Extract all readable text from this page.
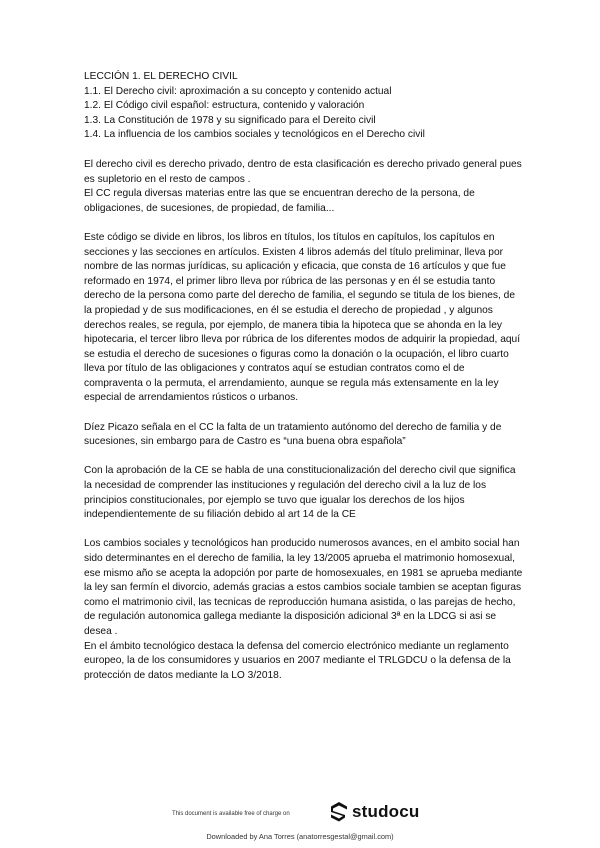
LECCIÓN 1. EL DERECHO CIVIL
1.1. El Derecho civil: aproximación a su concepto y contenido actual
1.2. El Código civil español: estructura, contenido y valoración
1.3. La Constitución de 1978 y su significado para el Dereito civil
1.4. La influencia de los cambios sociales y tecnológicos en el Derecho civil

El derecho civil es derecho privado, dentro de esta clasificación es derecho privado general pues es supletorio en el resto de campos .

El CC regula diversas materias entre las que se encuentran derecho de la persona, de obligaciones, de sucesiones, de propiedad, de familia...

Este código se divide en libros, los libros en títulos, los títulos en capítulos, los capítulos en secciones y las secciones en artículos. Existen 4 libros además del título preliminar, lleva por nombre de las normas jurídicas, su aplicación y eficacia, que consta de 16 artículos y que fue reformado en 1974, el primer libro lleva por rúbrica de las personas y en él se estudia tanto derecho de la persona como parte del derecho de familia, el segundo se titula de los bienes, de la propiedad y de sus modificaciones, en él se estudia el derecho de propiedad , y algunos derechos reales, se regula, por ejemplo, de manera tibia la hipoteca que se ahonda en la ley hipotecaria, el tercer libro lleva por rúbrica de los diferentes modos de adquirir la propiedad, aquí se estudia el derecho de sucesiones o figuras como la donación o la ocupación, el libro cuarto lleva por título de las obligaciones y contratos aquí se estudian contratos como el de compraventa o la permuta, el arrendamiento, aunque se regula más extensamente en la ley especial de arrendamientos rústicos o urbanos.

Díez Picazo señala en el CC la falta de un tratamiento autónomo del derecho de familia y de sucesiones, sin embargo para de Castro es “una buena obra española”

Con la aprobación de la CE se habla de una constitucionalización del derecho civil que significa la necesidad de comprender las instituciones y regulación del derecho civil a la luz de los principios constitucionales, por ejemplo se tuvo que igualar los derechos de los hijos independientemente de su filiación debido al art 14 de la CE

Los cambios sociales y tecnológicos han producido numerosos avances, en el ambito social han sido determinantes en el derecho de familia, la ley 13/2005 aprueba el matrimonio homosexual, ese mismo año se acepta la adopción por parte de homosexuales, en 1981 se aprueba mediante la ley san fermín el divorcio, además gracias a estos cambios sociale tambien se aceptan figuras como el matrimonio civil, las tecnicas de reproducción humana asistida, o las parejas de hecho, de regulación autonomica gallega mediante la disposición adicional 3ª en la LDCG si asi se desea .

En el ámbito tecnológico destaca la defensa del comercio electrónico mediante un reglamento europeo, la de los consumidores y usuarios en 2007 mediante el TRLGDCU o la defensa de la protección de datos mediante la LO 3/2018.

This document is available free of charge on	studocu
Downloaded by Ana Torres (anatorresgestal@gmail.com)
